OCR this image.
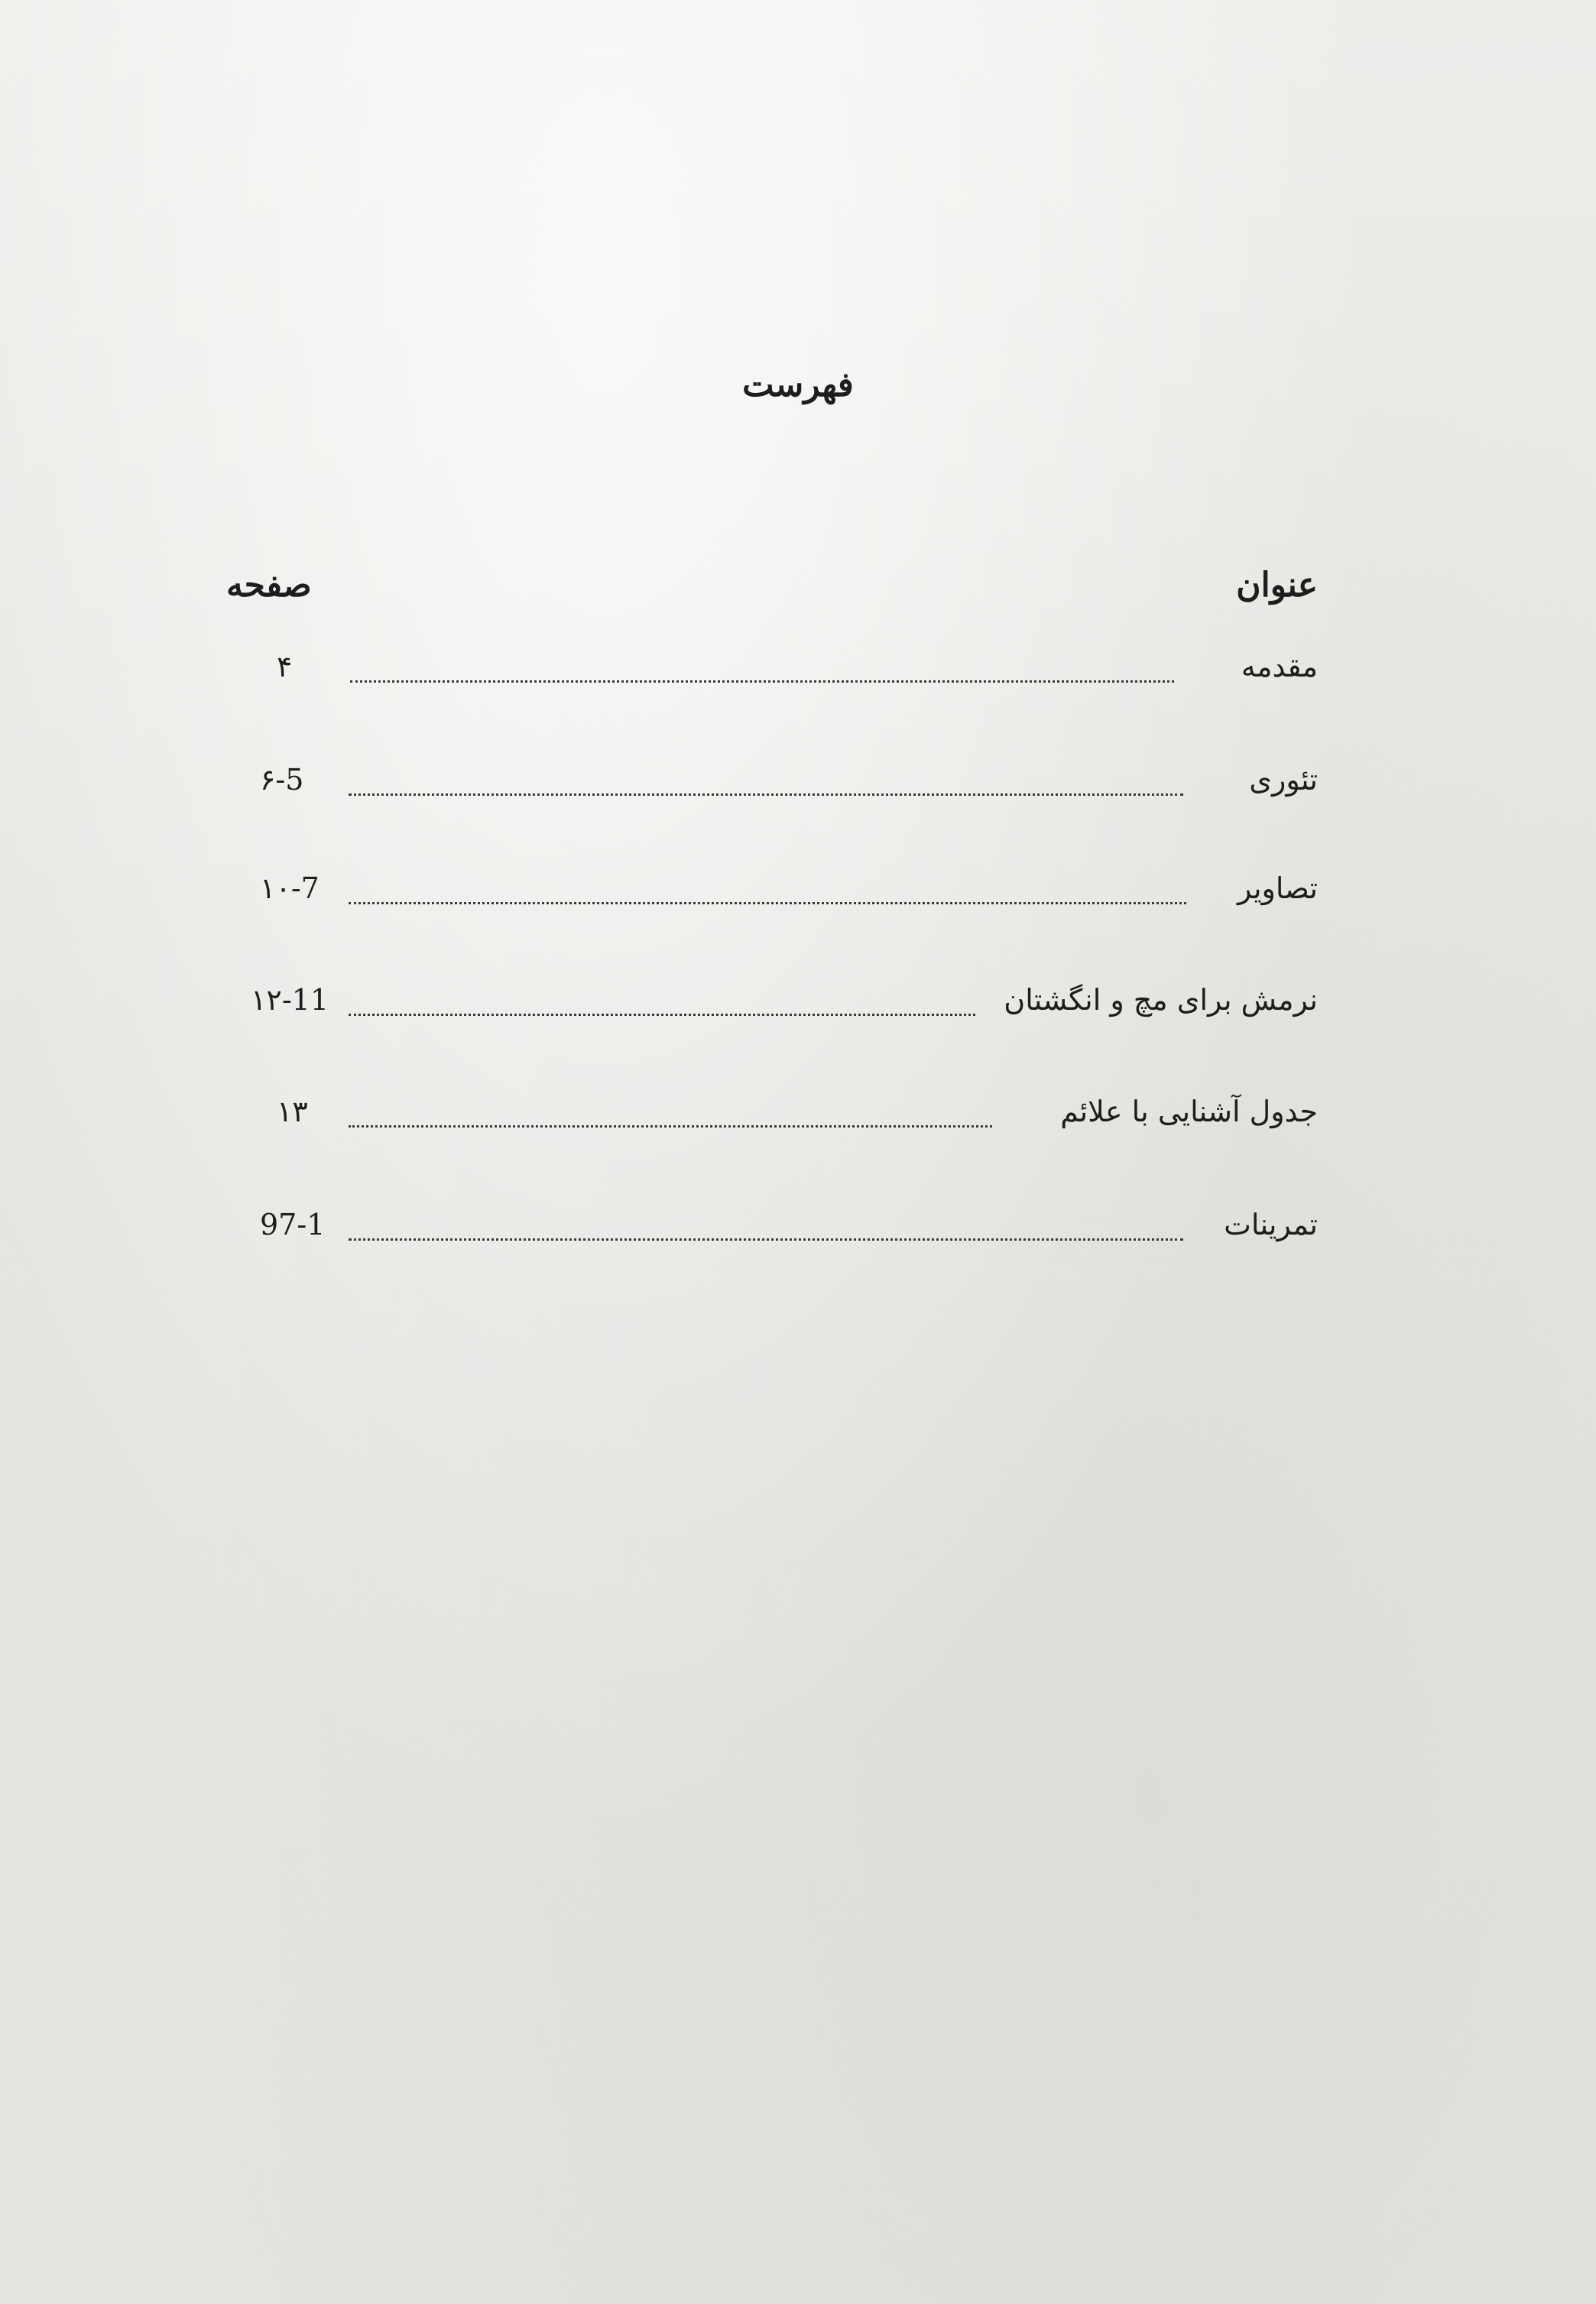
فهرست
عنوان
صفحه
مقدمه
۴
تئوری
۶-5
تصاویر
۱۰-7
نرمش برای مچ و انگشتان
۱۲-11
جدول آشنایی با علائم
۱۳
تمرینات
97-1
